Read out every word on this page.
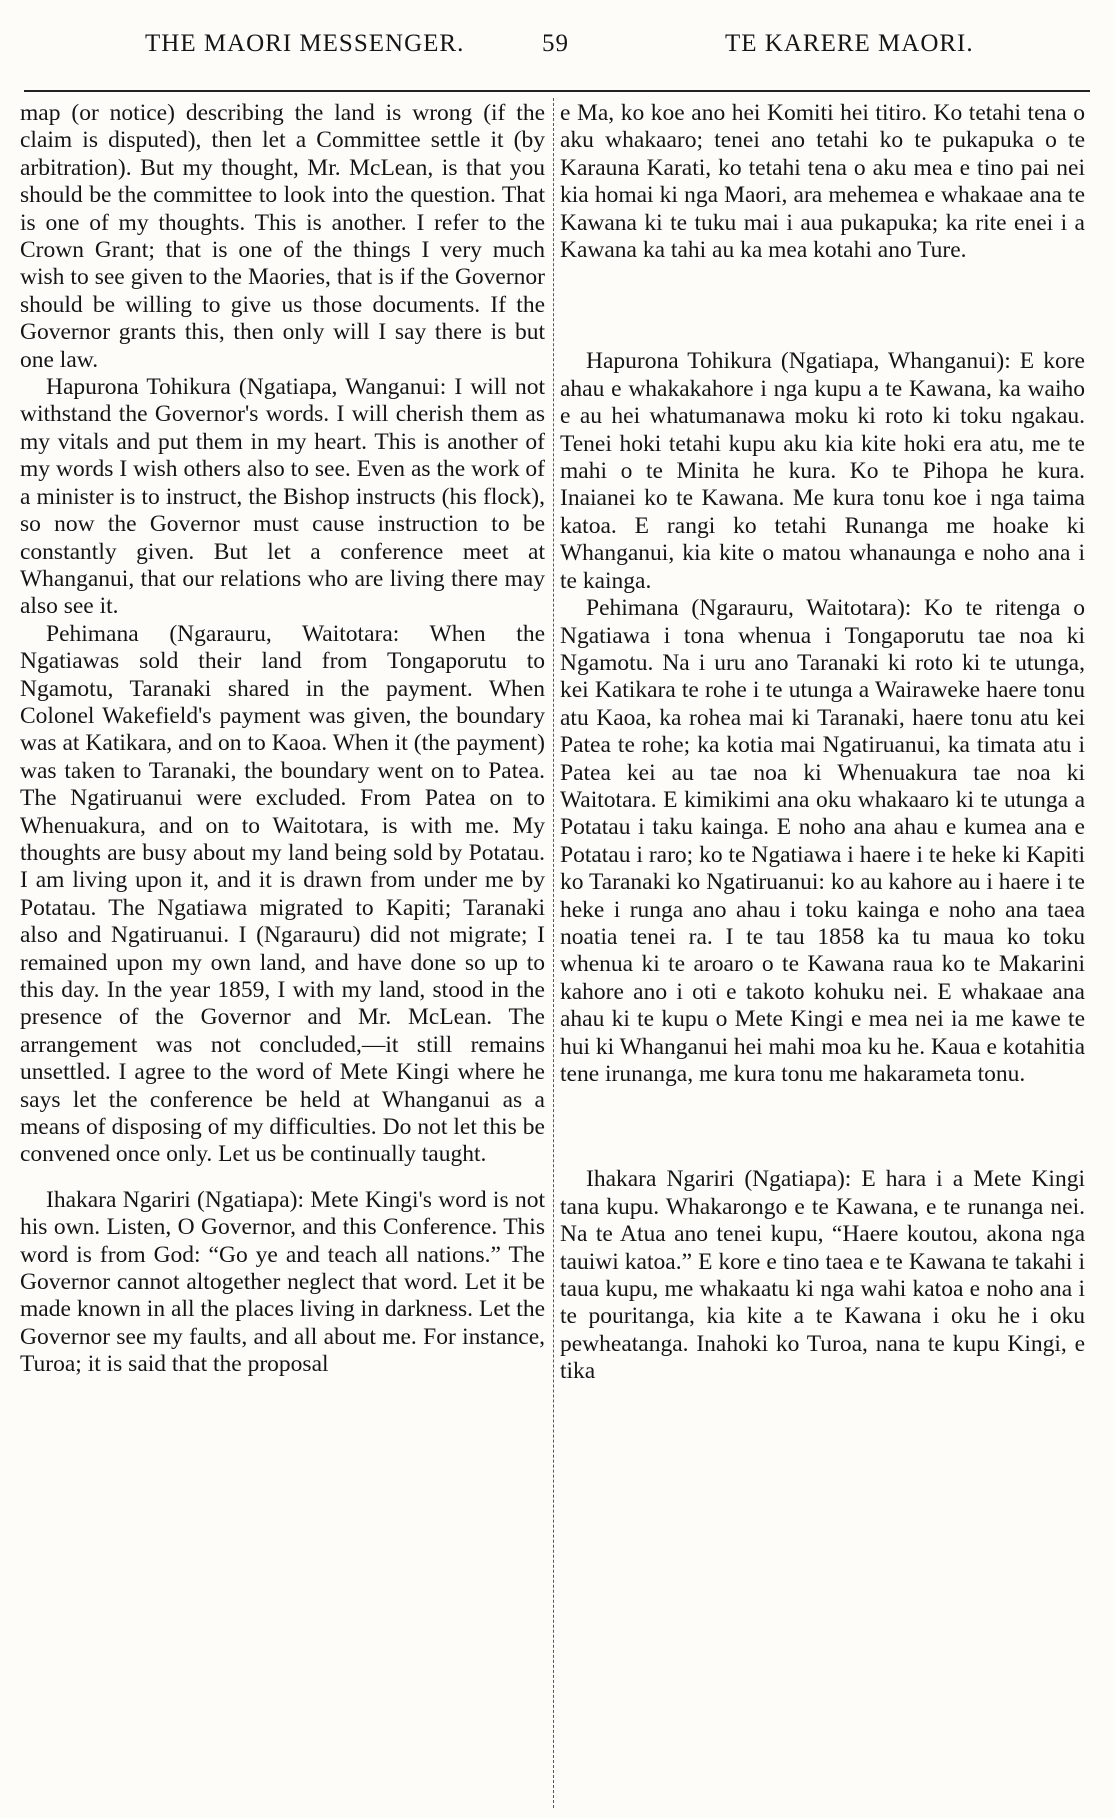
THE MAORI MESSENGER.	59	TE KARERE MAORI.

map (or notice) describing the land is wrong (if the claim is disputed), then let a Committee settle it (by arbitration). But my thought, Mr. McLean, is that you should be the committee to look into the question. That is one of my thoughts. This is another. I refer to the Crown Grant; that is one of the things I very much wish to see given to the Maories, that is if the Governor should be willing to give us those documents. If the Governor grants this, then only will I say there is but one law.

Hapurona Tohikura (Ngatiapa, Wanganui: I will not withstand the Governor's words. I will cherish them as my vitals and put them in my heart. This is another of my words I wish others also to see. Even as the work of a minister is to instruct, the Bishop instructs (his flock), so now the Governor must cause instruction to be constantly given. But let a conference meet at Whanganui, that our relations who are living there may also see it.

Pehimana (Ngarauru, Waitotara: When the Ngatiawas sold their land from Tongaporutu to Ngamotu, Taranaki shared in the payment. When Colonel Wakefield's payment was given, the boundary was at Katikara, and on to Kaoa. When it (the payment) was taken to Taranaki, the boundary went on to Patea. The Ngatiruanui were excluded. From Patea on to Whenuakura, and on to Waitotara, is with me. My thoughts are busy about my land being sold by Potatau. I am living upon it, and it is drawn from under me by Potatau. The Ngatiawa migrated to Kapiti; Taranaki also and Ngatiruanui. I (Ngarauru) did not migrate; I remained upon my own land, and have done so up to this day. In the year 1859, I with my land, stood in the presence of the Governor and Mr. McLean. The arrangement was not concluded,—it still remains unsettled. I agree to the word of Mete Kingi where he says let the conference be held at Whanganui as a means of disposing of my difficulties. Do not let this be convened once only. Let us be continually taught.

Ihakara Ngariri (Ngatiapa): Mete Kingi's word is not his own. Listen, O Governor, and this Conference. This word is from God: “Go ye and teach all nations.” The Governor cannot altogether neglect that word. Let it be made known in all the places living in darkness. Let the Governor see my faults, and all about me. For instance, Turoa; it is said that the proposal

e Ma, ko koe ano hei Komiti hei titiro. Ko tetahi tena o aku whakaaro; tenei ano tetahi ko te pukapuka o te Karauna Karati, ko tetahi tena o aku mea e tino pai nei kia homai ki nga Maori, ara mehemea e whakaae ana te Kawana ki te tuku mai i aua pukapuka; ka rite enei i a Kawana ka tahi au ka mea kotahi ano Ture.

Hapurona Tohikura (Ngatiapa, Whanganui): E kore ahau e whakakahore i nga kupu a te Kawana, ka waiho e au hei whatumanawa moku ki roto ki toku ngakau. Tenei hoki tetahi kupu aku kia kite hoki era atu, me te mahi o te Minita he kura. Ko te Pihopa he kura. Inaianei ko te Kawana. Me kura tonu koe i nga taima katoa. E rangi ko tetahi Runanga me hoake ki Whanganui, kia kite o matou whanaunga e noho ana i te kainga.

Pehimana (Ngarauru, Waitotara): Ko te ritenga o Ngatiawa i tona whenua i Tongaporutu tae noa ki Ngamotu. Na i uru ano Taranaki ki roto ki te utunga, kei Katikara te rohe i te utunga a Wairaweke haere tonu atu Kaoa, ka rohea mai ki Taranaki, haere tonu atu kei Patea te rohe; ka kotia mai Ngatiruanui, ka timata atu i Patea kei au tae noa ki Whenuakura tae noa ki Waitotara. E kimikimi ana oku whakaaro ki te utunga a Potatau i taku kainga. E noho ana ahau e kumea ana e Potatau i raro; ko te Ngatiawa i haere i te heke ki Kapiti ko Taranaki ko Ngatiruanui: ko au kahore au i haere i te heke i runga ano ahau i toku kainga e noho ana taea noatia tenei ra. I te tau 1858 ka tu maua ko toku whenua ki te aroaro o te Kawana raua ko te Makarini kahore ano i oti e takoto kohuku nei. E whakaae ana ahau ki te kupu o Mete Kingi e mea nei ia me kawe te hui ki Whanganui hei mahi moa ku he. Kaua e kotahitia tene irunanga, me kura tonu me hakarameta tonu.

Ihakara Ngariri (Ngatiapa): E hara i a Mete Kingi tana kupu. Whakarongo e te Kawana, e te runanga nei. Na te Atua ano tenei kupu, “Haere koutou, akona nga tauiwi katoa.” E kore e tino taea e te Kawana te takahi i taua kupu, me whakaatu ki nga wahi katoa e noho ana i te pouritanga, kia kite a te Kawana i oku he i oku pewheatanga. Inahoki ko Turoa, nana te kupu Kingi, e tika
